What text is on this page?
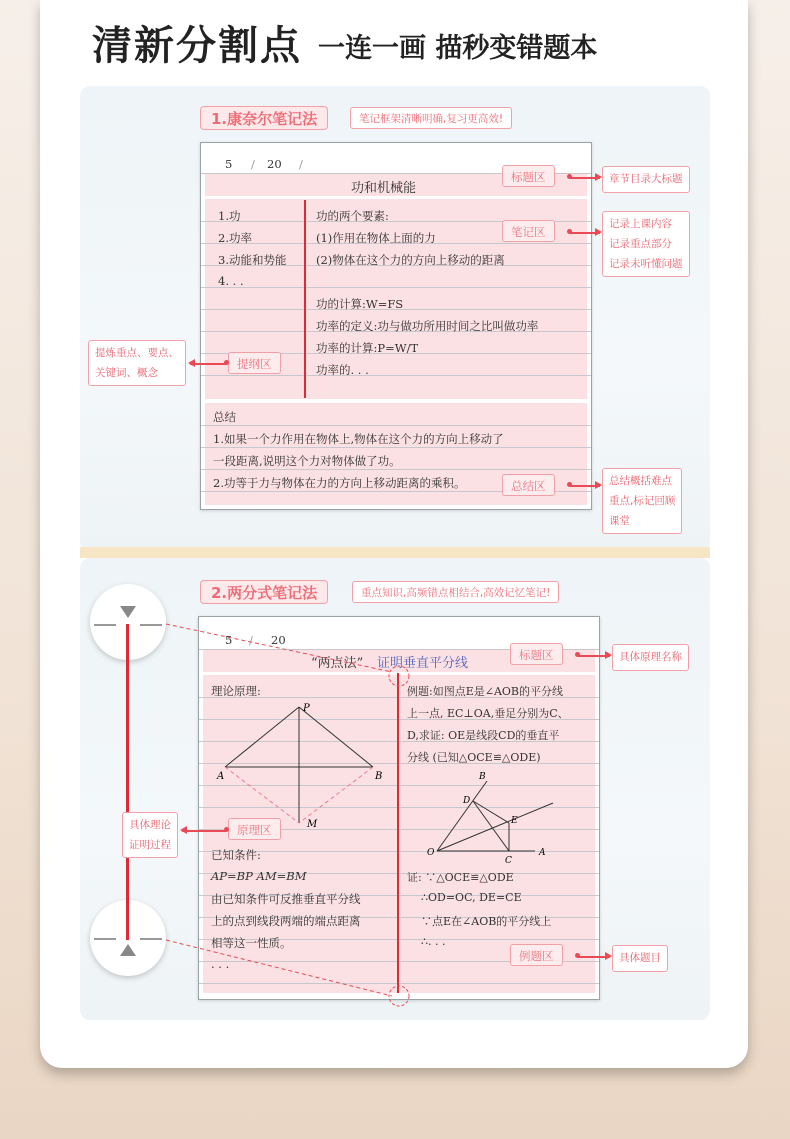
清新分割点 一连一画 描秒变错题本
1.康奈尔笔记法	笔记框架清晰明确,复习更高效!
5 / 20 /
功和机械能
1.功
2.功率
3.动能和势能
4. . .
功的两个要素:
(1)作用在物体上面的力
(2)物体在这个力的方向上移动的距离
功的计算:W=FS
功率的定义:功与做功所用时间之比叫做功率
功率的计算:P=W/T
功率的. . .
总结
1.如果一个力作用在物体上,物体在这个力的方向上移动了
一段距离,说明这个力对物体做了功。
2.功等于力与物体在力的方向上移动距离的乘积。
标题区
笔记区
提纲区
总结区
章节目录大标题
记录上课内容
记录重点部分
记录未听懂问题
提炼重点、要点、
关键词、概念
总结概括难点
重点,标记回顾
课堂
2.两分式笔记法	重点知识,高频错点相结合,高效记忆笔记!
5 / 20
“两点法” 证明垂直平分线
理论原理:
P
A	B
M
已知条件:
AP=BP AM=BM
由已知条件可反推垂直平分线
上的点到线段两端的端点距离
相等这一性质。
. . .
例题:如图点E是∠AOB的平分线
上一点, EC⊥OA,垂足分别为C、
D,求证: OE是线段CD的垂直平
分线 (已知△OCE≌△ODE)
B
D
E
O
C
A
证: ∵△OCE≌△ODE
∴OD=OC, DE=CE
∵点E在∠AOB的平分线上
∴. . .
标题区
原理区
例题区
具体原理名称
具体理论
证明过程
具体题目
